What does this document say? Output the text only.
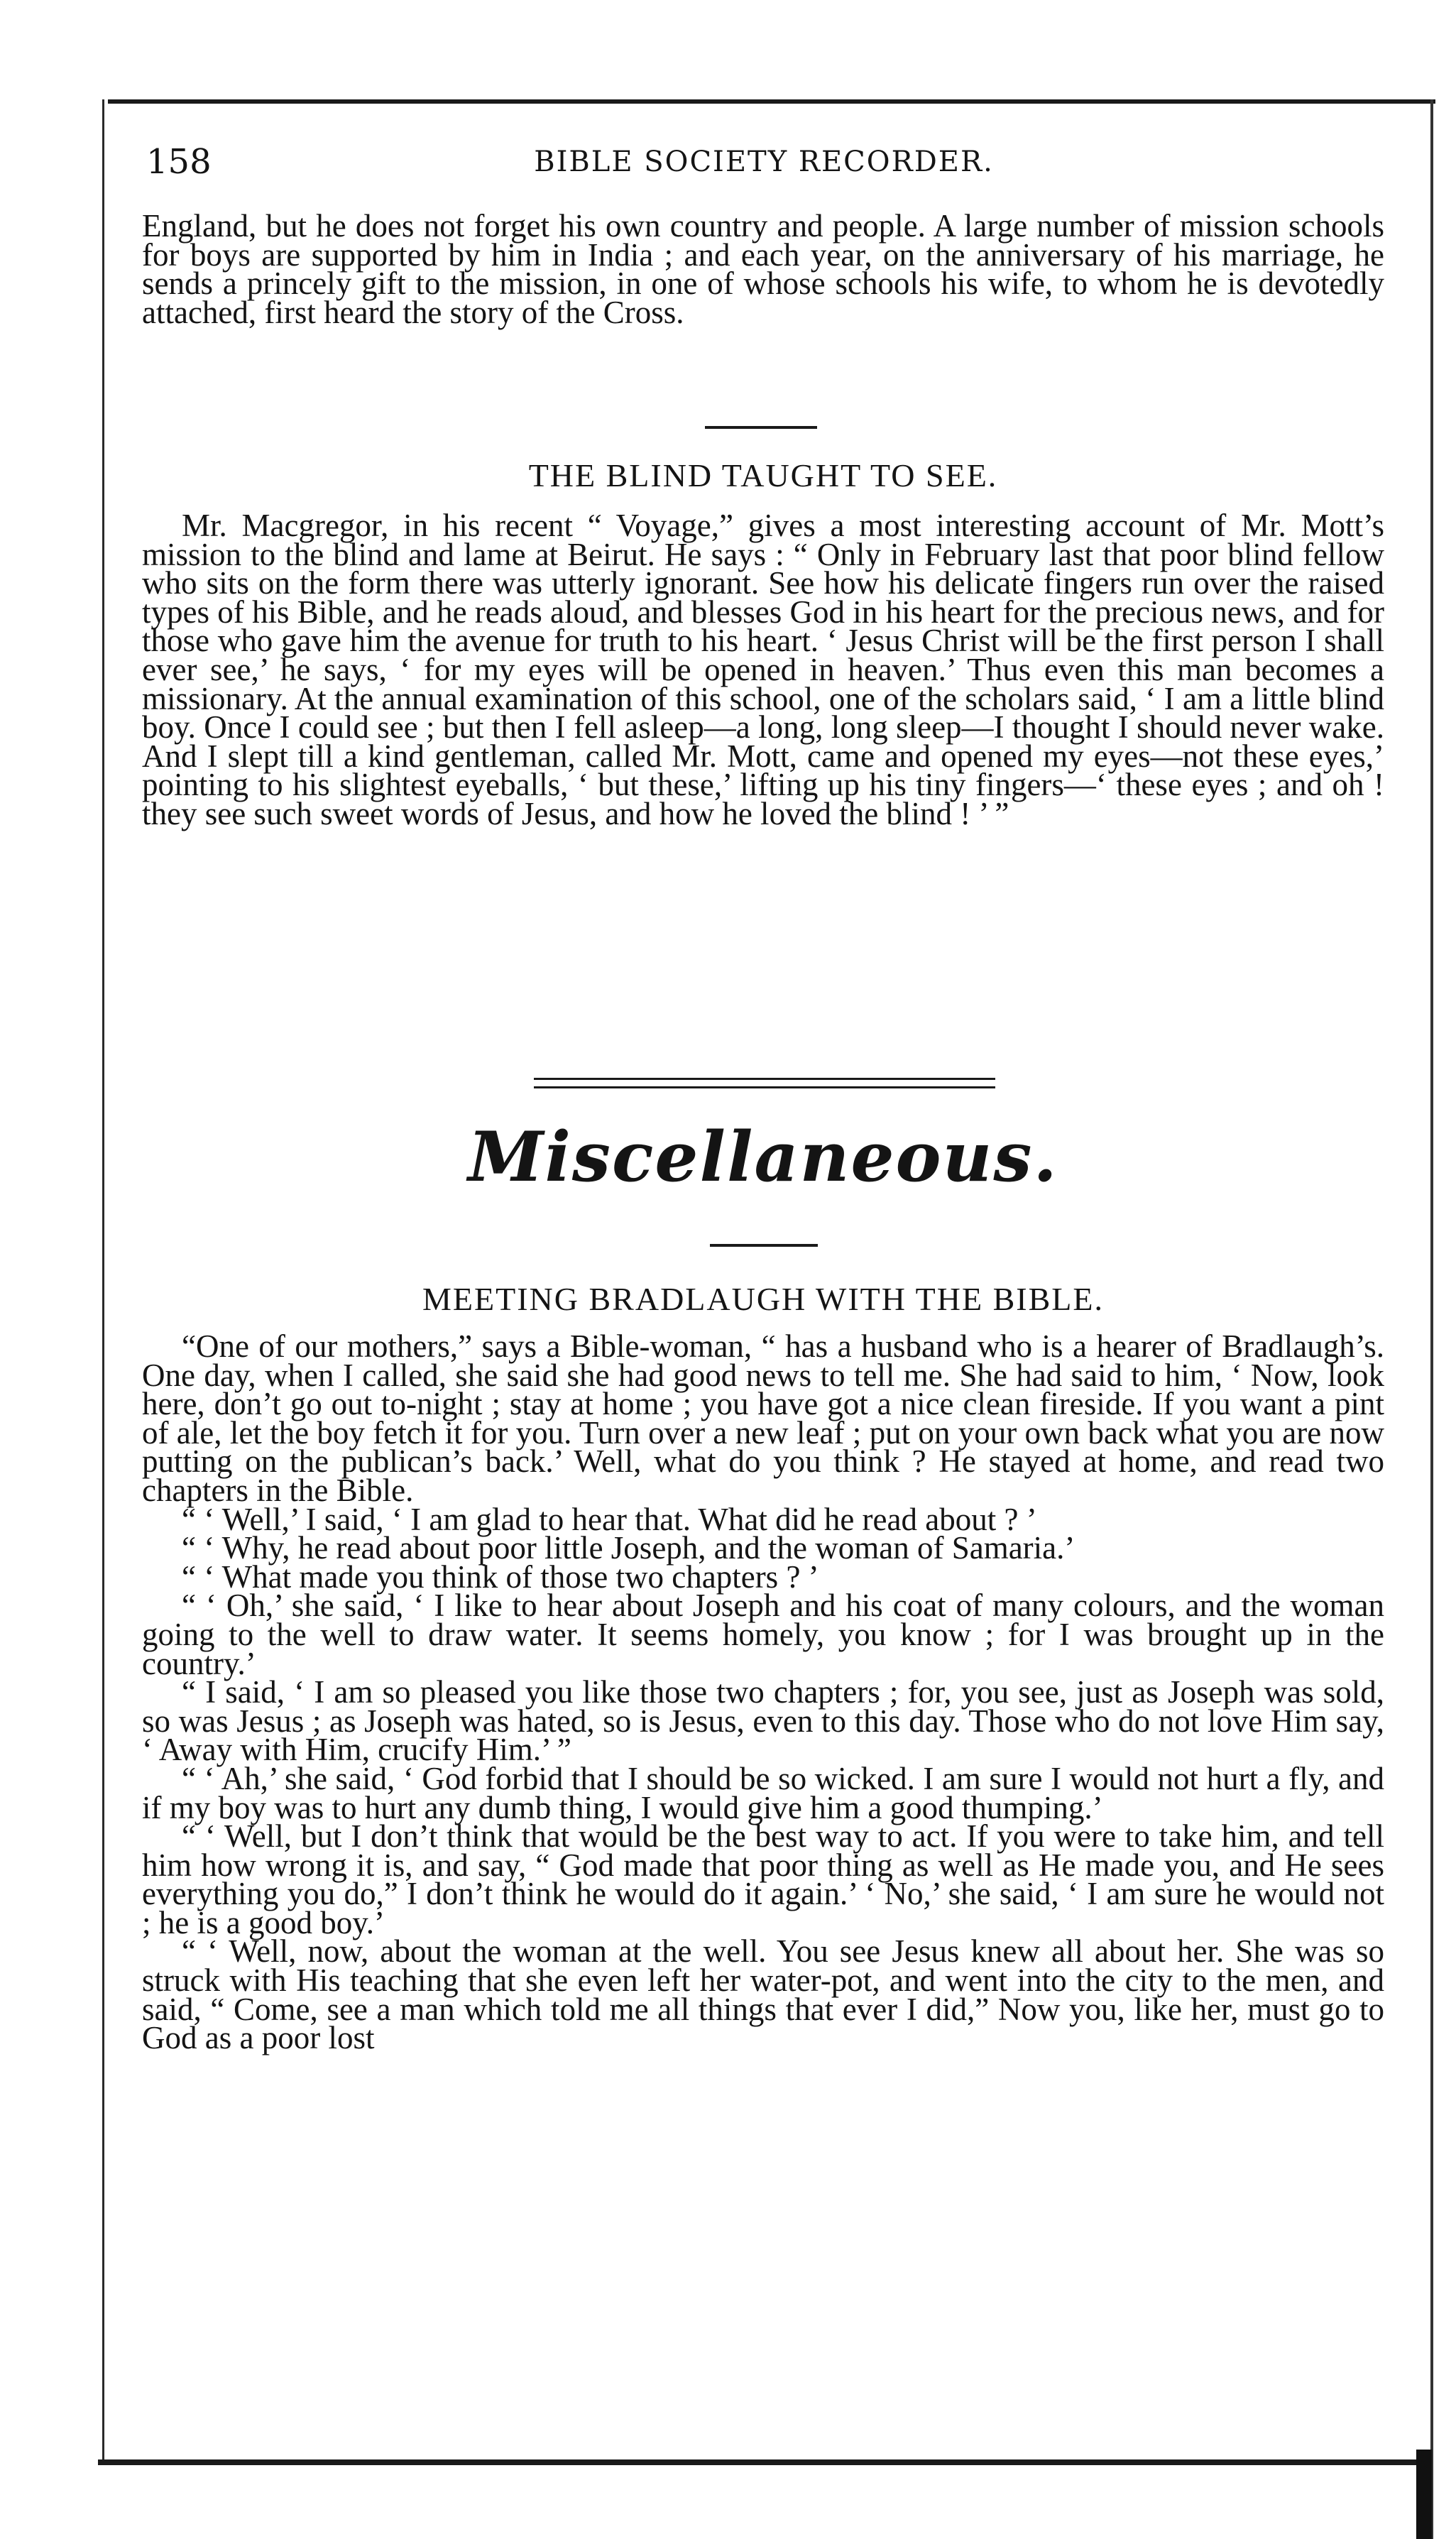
158	BIBLE SOCIETY RECORDER.

England, but he does not forget his own country and people. A large number of mission schools for boys are supported by him in India ; and each year, on the anniversary of his marriage, he sends a princely gift to the mission, in one of whose schools his wife, to whom he is devotedly attached, first heard the story of the Cross.

THE BLIND TAUGHT TO SEE.

Mr. Macgregor, in his recent “ Voyage,” gives a most interesting account of Mr. Mott’s mission to the blind and lame at Beirut. He says : “ Only in February last that poor blind fellow who sits on the form there was utterly ignorant. See how his delicate fingers run over the raised types of his Bible, and he reads aloud, and blesses God in his heart for the precious news, and for those who gave him the avenue for truth to his heart. ‘ Jesus Christ will be the first person I shall ever see,’ he says, ‘ for my eyes will be opened in heaven.’ Thus even this man becomes a missionary. At the annual examination of this school, one of the scholars said, ‘ I am a little blind boy. Once I could see ; but then I fell asleep—a long, long sleep—I thought I should never wake. And I slept till a kind gentleman, called Mr. Mott, came and opened my eyes—not these eyes,’ pointing to his slightest eyeballs, ‘ but these,’ lifting up his tiny fingers—‘ these eyes ; and oh ! they see such sweet words of Jesus, and how he loved the blind ! ’ ”

Miscellaneous.
MEETING BRADLAUGH WITH THE BIBLE.

“One of our mothers,” says a Bible-woman, “ has a husband who is a hearer of Bradlaugh’s. One day, when I called, she said she had good news to tell me. She had said to him, ‘ Now, look here, don’t go out to-night ; stay at home ; you have got a nice clean fireside. If you want a pint of ale, let the boy fetch it for you. Turn over a new leaf ; put on your own back what you are now putting on the publican’s back.’ Well, what do you think ? He stayed at home, and read two chapters in the Bible.

“ ‘ Well,’ I said, ‘ I am glad to hear that. What did he read about ? ’

“ ‘ Why, he read about poor little Joseph, and the woman of Samaria.’

“ ‘ What made you think of those two chapters ? ’

“ ‘ Oh,’ she said, ‘ I like to hear about Joseph and his coat of many colours, and the woman going to the well to draw water. It seems homely, you know ; for I was brought up in the country.’

“ I said, ‘ I am so pleased you like those two chapters ; for, you see, just as Joseph was sold, so was Jesus ; as Joseph was hated, so is Jesus, even to this day. Those who do not love Him say, ‘ Away with Him, crucify Him.’ ”

“ ‘ Ah,’ she said, ‘ God forbid that I should be so wicked. I am sure I would not hurt a fly, and if my boy was to hurt any dumb thing, I would give him a good thumping.’

“ ‘ Well, but I don’t think that would be the best way to act. If you were to take him, and tell him how wrong it is, and say, “ God made that poor thing as well as He made you, and He sees everything you do,” I don’t think he would do it again.’ ‘ No,’ she said, ‘ I am sure he would not ; he is a good boy.’

“ ‘ Well, now, about the woman at the well. You see Jesus knew all about her. She was so struck with His teaching that she even left her water-pot, and went into the city to the men, and said, “ Come, see a man which told me all things that ever I did,” Now you, like her, must go to God as a poor lost
